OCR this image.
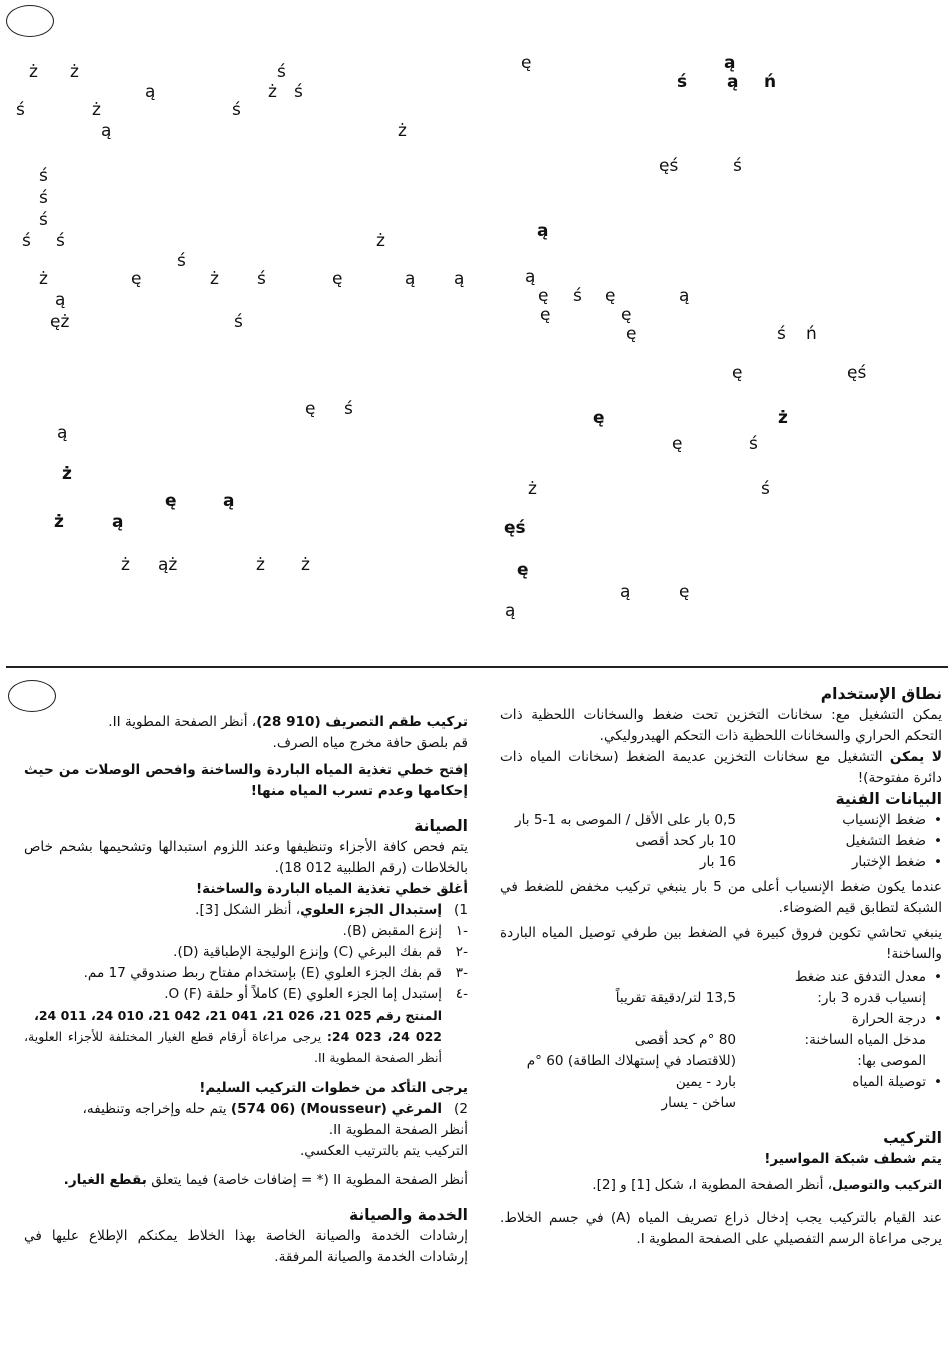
ż ż	ś
ą	ż ś
ś	ż	ś
ą	ż
ś
ś
ś
ś ś	ż
ś
ż	ę	ż ś	ę	ą ą
ą
ęż	ś
ę ś
ą
ż
ę	ą
ż	ą
ż ąż	ż ż
ę	ą
ś ą ń
ęś	ś
ą
ą
ę ś ę	ą
ę	ę
ę	ś ń
ę	ęś
ę	ż
ę	ś
ż	ś
ęś
ę
ą	ę
ą

نطاق الإستخدام

يمكن التشغيل مع: سخانات التخزين تحت ضغط والسخانات اللحظية ذات التحكم الحراري والسخانات اللحظية ذات التحكم الهيدروليكي.

لا يمكن التشغيل مع سخانات التخزين عديمة الضغط (سخانات المياه ذات دائرة مفتوحة)!

البيانات الفنية

•
ضغط الإنسياب
0,5 بار على الأقل / الموصى به 1-5 بار
•
ضغط التشغيل
10 بار كحد أقصى
•
ضغط الإختبار
16 بار

عندما يكون ضغط الإنسياب أعلى من 5 بار ينبغي تركيب مخفض للضغط في الشبكة لتطابق قيم الضوضاء.

ينبغي تحاشي تكوين فروق كبيرة في الضغط بين طرفي توصيل المياه الباردة والساخنة!

•
معدل التدفق عند ضغط
إنسياب قدره 3 بار:
13,5 لتر/دقيقة تقريباً
•
درجة الحرارة
مدخل المياه الساخنة:
80 °م كحد أقصى
الموصى بها:
(للاقتصاد في إستهلاك الطاقة) 60 °م
•
توصيلة المياه
بارد - يمين
ساخن - يسار

التركيب

يتم شطف شبكة المواسير!

التركيب والتوصيل، أنظر الصفحة المطوية I، شكل [1] و [2].

عند القيام بالتركيب يجب إدخال ذراع تصريف المياه (A) في جسم الخلاط. يرجى مراعاة الرسم التفصيلي على الصفحة المطوية I.

تركيب طقم التصريف (910 28)، أنظر الصفحة المطوية II.

قم بلصق حافة مخرج مياه الصرف.

إفتح خطي تغذية المياه الباردة والساخنة وافحص الوصلات من حيث إحكامها وعدم تسرب المياه منها!

الصيانة

يتم فحص كافة الأجزاء وتنظيفها وعند اللزوم استبدالها وتشحيمها بشحم خاص بالخلاطات (رقم الطلبية 012 18).

أغلق خطي تغذية المياه الباردة والساخنة!

1)
إستبدال الجزء العلوي، أنظر الشكل [3].
-١
إنزع المقبض (B).
-٢
قم بفك البرغي (C) وإنزع الوليجة الإطباقية (D).
-٣
قم بفك الجزء العلوي (E) بإستخدام مفتاح ربط صندوقي 17 مم.
-٤
إستبدل إما الجزء العلوي (E) كاملاً أو حلقة O (F).

المنتج رقم 025 21، 026 21، 041 21، 042 21، 010 24، 011 24،

022 24، 023 24: يرجى مراعاة أرقام قطع الغيار المختلفة للأجزاء العلوية، أنظر الصفحة المطوية II.

يرجى التأكد من خطوات التركيب السليم!

2)
المرغي (Mousseur) (574 06) يتم حله وإخراجه وتنظيفه،

أنظر الصفحة المطوية II.

التركيب يتم بالترتيب العكسي.

أنظر الصفحة المطوية II (* = إضافات خاصة) فيما يتعلق بقطع الغيار.

الخدمة والصيانة

إرشادات الخدمة والصيانة الخاصة بهذا الخلاط يمكنكم الإطلاع عليها في إرشادات الخدمة والصيانة المرفقة.
